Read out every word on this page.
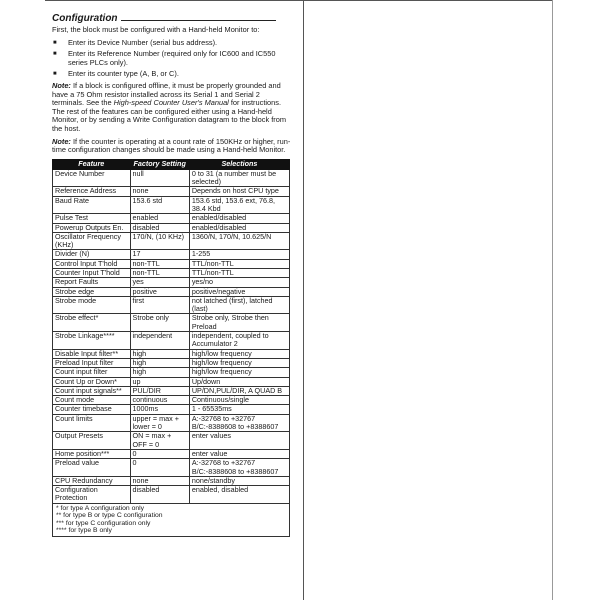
Configuration

First, the block must be configured with a Hand-held Monitor to:

■ Enter its Device Number (serial bus address).
■ Enter its Reference Number (required only for IC600 and IC550 series PLCs only).
■ Enter its counter type (A, B, or C).

Note: If a block is configured offline, it must be properly grounded and have a 75 Ohm resistor installed across its Serial 1 and Serial 2 terminals. See the High-speed Counter User's Manual for instructions. The rest of the features can be configured either using a Hand-held Monitor, or by sending a Write Configuration datagram to the block from the host.

Note: If the counter is operating at a count rate of 150KHz or higher, run-time configuration changes should be made using a Hand-held Monitor.

Feature	Factory Setting	Selections
Device Number	null	0 to 31 (a number must be selected)
Reference Address	none	Depends on host CPU type
Baud Rate	153.6 std	153.6 std, 153.6 ext, 76.8, 38.4 Kbd
Pulse Test	enabled	enabled/disabled
Powerup Outputs En.	disabled	enabled/disabled
Oscillator Frequency (KHz)	170/N, (10 KHz)	1360/N, 170/N, 10.625/N
Divider (N)	17	1-255
Control Input T'hold	non-TTL	TTL/non-TTL
Counter Input T'hold	non-TTL	TTL/non-TTL
Report Faults	yes	yes/no
Strobe edge	positive	positive/negative
Strobe mode	first	not latched (first), latched (last)
Strobe effect*	Strobe only	Strobe only, Strobe then Preload
Strobe Linkage****	independent	independent, coupled to Accumulator 2
Disable Input filter**	high	high/low frequency
Preload Input filter	high	high/low frequency
Count input filter	high	high/low frequency
Count Up or Down*	up	Up/down
Count input signals**	PUL/DIR	UP/DN,PUL/DIR, A QUAD B
Count mode	continuous	Continuous/single
Counter timebase	1000ms	1 - 65535ms
Count limits	upper = max + lower = 0	A:-32768 to +32767 B/C:-8388608 to +8388607
Output Presets	ON = max + OFF = 0	enter values
Home position***	0	enter value
Preload value	0	A:-32768 to +32767 B/C:-8388608 to +8388607
CPU Redundancy	none	none/standby
Configuration Protection	disabled	enabled, disabled

* for type A configuration only
** for type B or type C configuration
*** for type C configuration only
**** for type B only		
